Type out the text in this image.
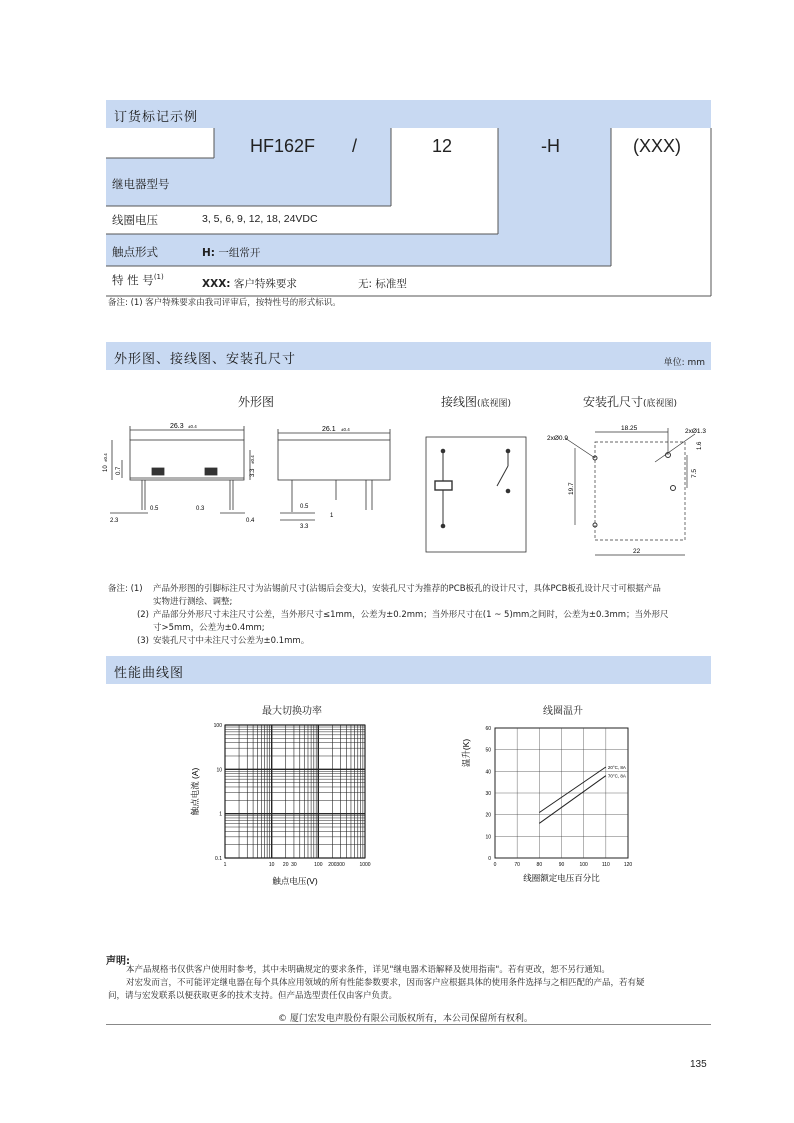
订货标记示例
HF162F /	12	-H	(XXX)
继电器型号
线圈电压	3, 5, 6, 9, 12, 18, 24VDC
触点形式	H: 一组常开
特 性 号$^{(1)}$
XXX: 客户特殊要求	无: 标准型
备注: (1) 客户特殊要求由我司评审后，按特性号的形式标识。
外形图、接线图、安装孔尺寸	单位: mm
外形图	接线图(底视图)	安装孔尺寸(底视图)
26.3 ±0.4
10
±0.4
0.7
0.5	0.3
2.3	0.4
26.1 ±0.4
3.3
±0.4
0.5
1
3.3
2xØ0.9
18.25	2xØ1.3
1.6
7.5
19.7
22
备注: (1)	产品外形图的引脚标注尺寸为沾锡前尺寸(沾锡后会变大)，安装孔尺寸为推荐的PCB板孔的设计尺寸，具体PCB板孔设计尺寸可根据产品
实物进行测绘、调整;
(2) 产品部分外形尺寸未注尺寸公差，当外形尺寸≤1mm，公差为±0.2mm；当外形尺寸在(1 ~ 5)mm之间时，公差为±0.3mm；当外形尺
寸>5mm，公差为±0.4mm;
(3) 安装孔尺寸中未注尺寸公差为±0.1mm。
性能曲线图
最大切换功率	线圈温升
1	10 20 30	100 200 300	1000
100
10
1
0.1
触点电压(V)
触点电流 (A)
0	70	80	90	100	110	120
60
50
40
30
20
10
0
20°C, 8A
70°C, 8A
线圈额定电压百分比
温升(K)
声明:
本产品规格书仅供客户使用时参考，其中未明确规定的要求条件，详见"继电器术语解释及使用指南"。若有更改，恕不另行通知。
对宏发而言，不可能评定继电器在每个具体应用领域的所有性能参数要求，因而客户应根据具体的使用条件选择与之相匹配的产品，若有疑
问，请与宏发联系以便获取更多的技术支持。但产品选型责任仅由客户负责。
© 厦门宏发电声股份有限公司版权所有，本公司保留所有权利。
135
